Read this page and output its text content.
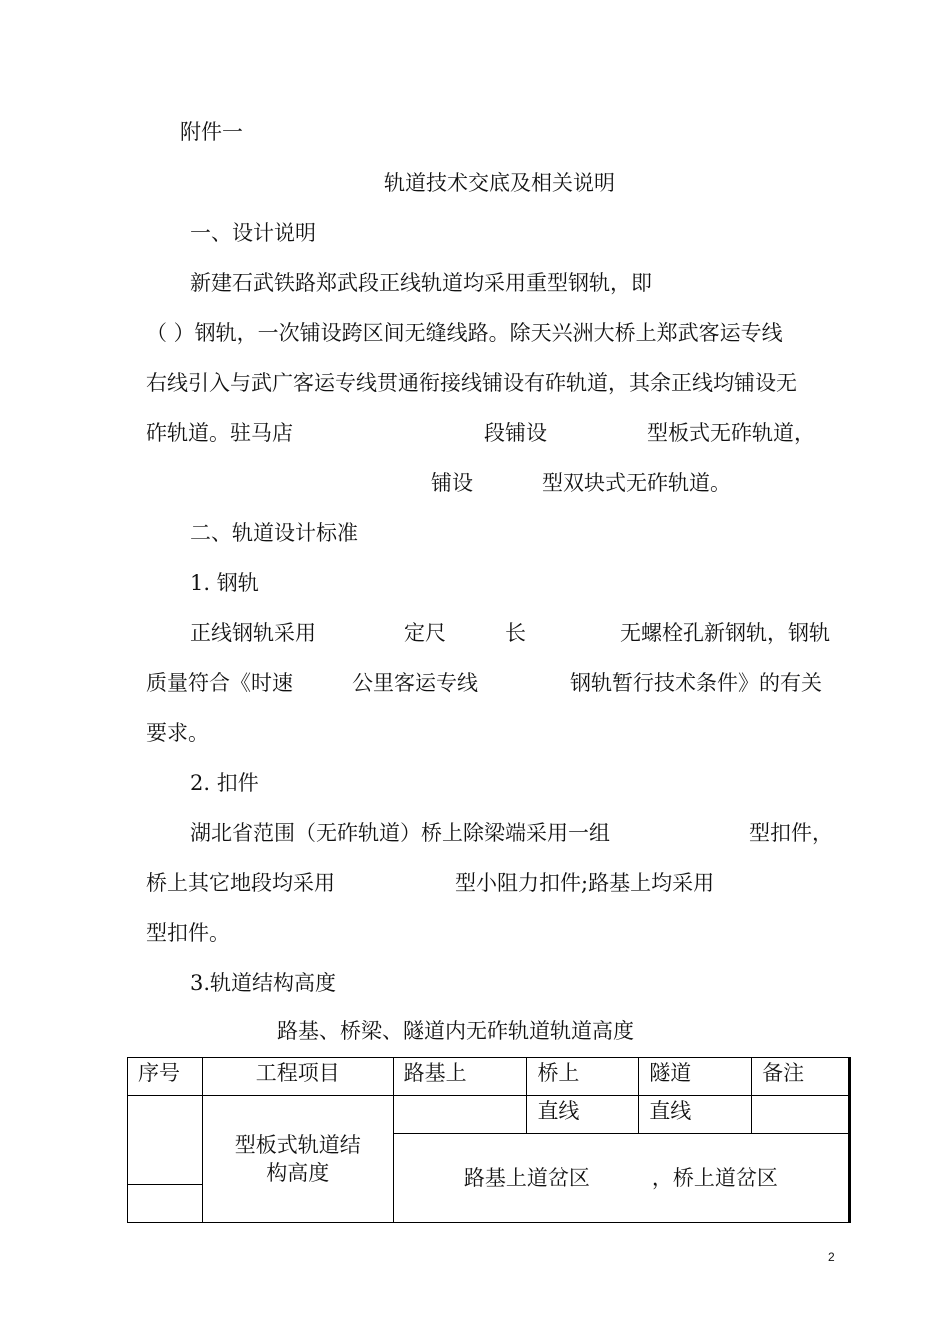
附件一
轨道技术交底及相关说明
一、设计说明
新建石武铁路郑武段正线轨道均采用重型钢轨，即
（ ）钢轨，一次铺设跨区间无缝线路。除天兴洲大桥上郑武客运专线
右线引入与武广客运专线贯通衔接线铺设有砟轨道，其余正线均铺设无
砟轨道。驻马店	段铺设	型板式无砟轨道，
铺设	型双块式无砟轨道。
二、轨道设计标准
1. 钢轨
正线钢轨采用	定尺	长	无螺栓孔新钢轨，钢轨
质量符合《时速	公里客运专线	钢轨暂行技术条件》的有关
要求。
2. 扣件
湖北省范围（无砟轨道）桥上除梁端采用一组	型扣件，
桥上其它地段均采用	型小阻力扣件;路基上均采用
型扣件。
3.轨道结构高度
路基、桥梁、隧道内无砟轨道轨道高度
序号	工程项目	路基上	桥上	隧道	备注

	型板式轨道结构高度		直线	直线	
		路基上道岔区 ，桥上道岔区			

2
